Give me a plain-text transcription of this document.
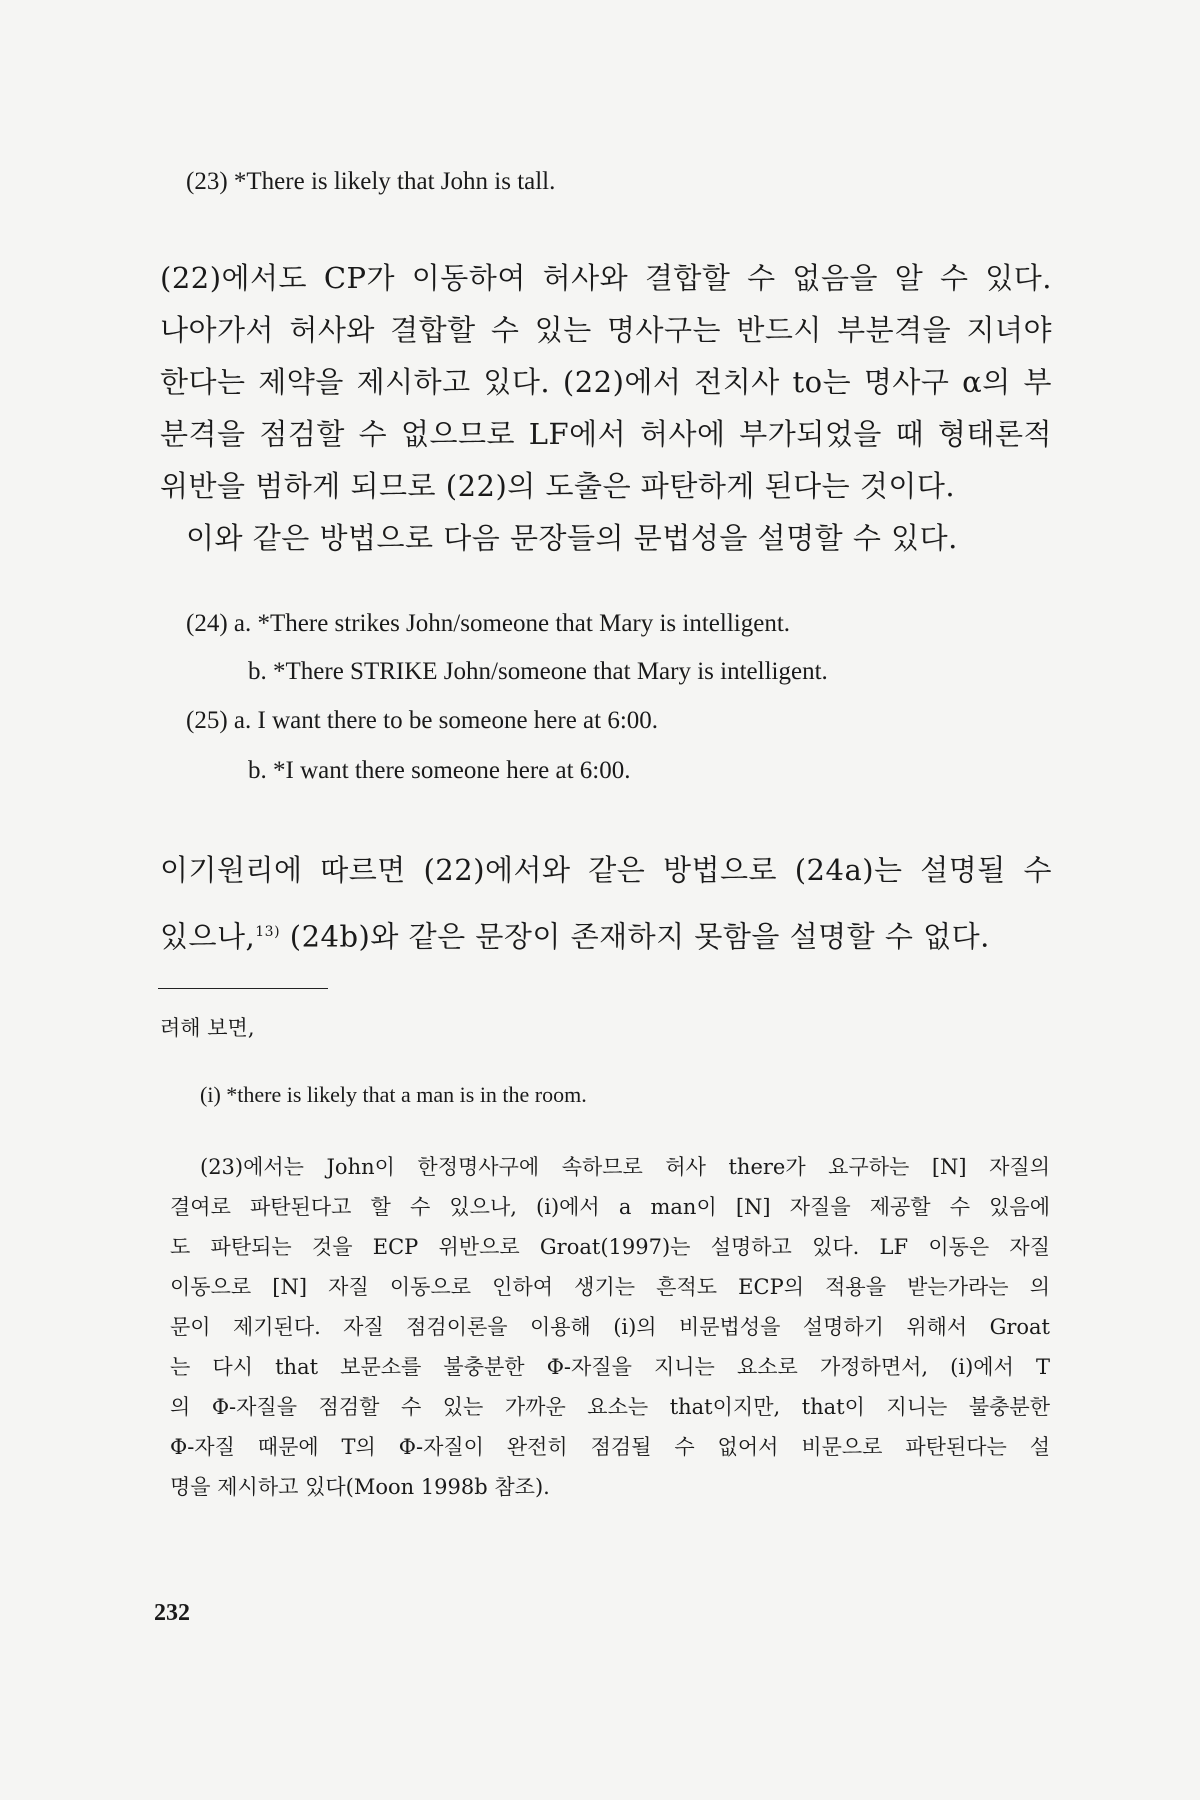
(23) *There is likely that John is tall.
(22)에서도 CP가 이동하여 허사와 결합할 수 없음을 알 수 있다.
나아가서 허사와 결합할 수 있는 명사구는 반드시 부분격을 지녀야
한다는 제약을 제시하고 있다. (22)에서 전치사 to는 명사구 α의 부
분격을 점검할 수 없으므로 LF에서 허사에 부가되었을 때 형태론적
위반을 범하게 되므로 (22)의 도출은 파탄하게 된다는 것이다.
이와 같은 방법으로 다음 문장들의 문법성을 설명할 수 있다.
(24) a. *There strikes John/someone that Mary is intelligent.
b. *There STRIKE John/someone that Mary is intelligent.
(25) a. I want there to be someone here at 6:00.
b. *I want there someone here at 6:00.
이기원리에 따르면 (22)에서와 같은 방법으로 (24a)는 설명될 수
있으나,$^{13)}$ (24b)와 같은 문장이 존재하지 못함을 설명할 수 없다.
려해 보면,
(i) *there is likely that a man is in the room.
(23)에서는 John이 한정명사구에 속하므로 허사 there가 요구하는 [N] 자질의
결여로 파탄된다고 할 수 있으나, (i)에서 a man이 [N] 자질을 제공할 수 있음에
도 파탄되는 것을 ECP 위반으로 Groat(1997)는 설명하고 있다. LF 이동은 자질
이동으로 [N] 자질 이동으로 인하여 생기는 흔적도 ECP의 적용을 받는가라는 의
문이 제기된다. 자질 점검이론을 이용해 (i)의 비문법성을 설명하기 위해서 Groat
는 다시 that 보문소를 불충분한 Φ-자질을 지니는 요소로 가정하면서, (i)에서 T
의 Φ-자질을 점검할 수 있는 가까운 요소는 that이지만, that이 지니는 불충분한
Φ-자질 때문에 T의 Φ-자질이 완전히 점검될 수 없어서 비문으로 파탄된다는 설
명을 제시하고 있다(Moon 1998b 참조).
232
